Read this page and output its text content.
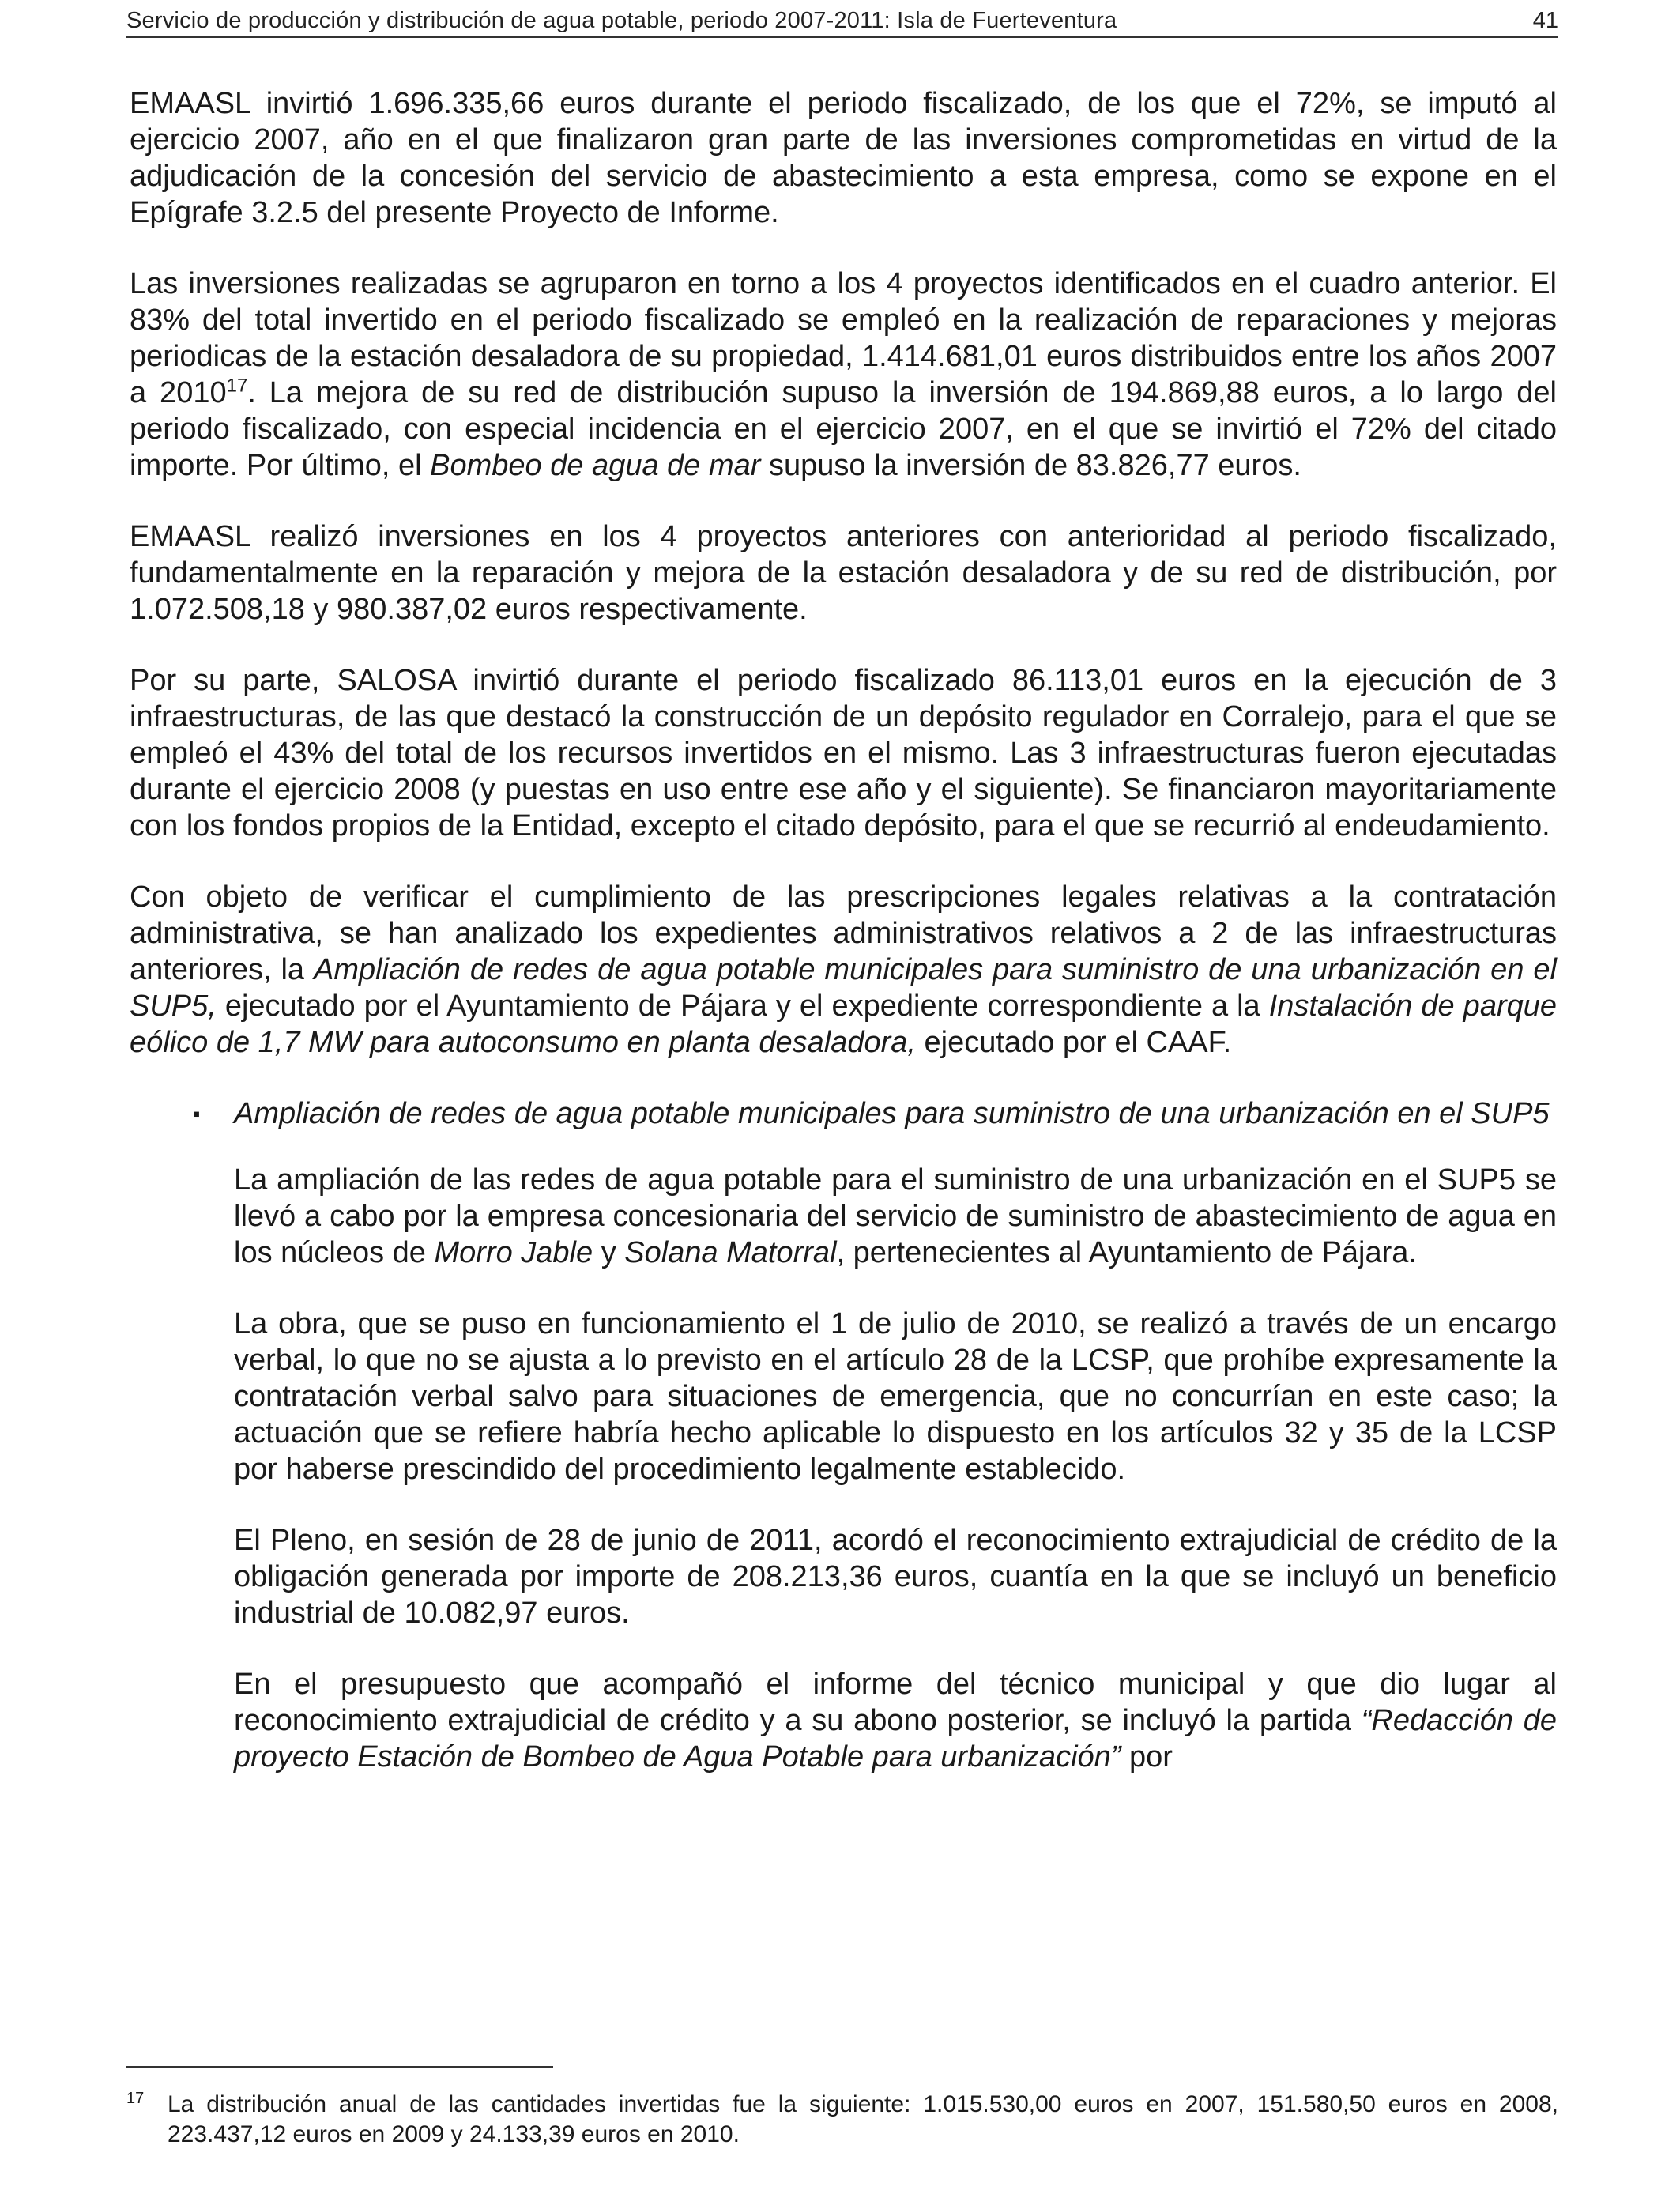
Servicio de producción y distribución de agua potable, periodo 2007-2011: Isla de Fuerteventura	41

EMAASL invirtió 1.696.335,66 euros durante el periodo fiscalizado, de los que el 72%, se imputó al ejercicio 2007, año en el que finalizaron gran parte de las inversiones comprometidas en virtud de la adjudicación de la concesión del servicio de abastecimiento a esta empresa, como se expone en el Epígrafe 3.2.5 del presente Proyecto de Informe.

Las inversiones realizadas se agruparon en torno a los 4 proyectos identificados en el cuadro anterior. El 83% del total invertido en el periodo fiscalizado se empleó en la realización de reparaciones y mejoras periodicas de la estación desaladora de su propiedad, 1.414.681,01 euros distribuidos entre los años 2007 a 2010$^{17}$. La mejora de su red de distribución supuso la inversión de 194.869,88 euros, a lo largo del periodo fiscalizado, con especial incidencia en el ejercicio 2007, en el que se invirtió el 72% del citado importe. Por último, el Bombeo de agua de mar supuso la inversión de 83.826,77 euros.

EMAASL realizó inversiones en los 4 proyectos anteriores con anterioridad al periodo fiscalizado, fundamentalmente en la reparación y mejora de la estación desaladora y de su red de distribución, por 1.072.508,18 y 980.387,02 euros respectivamente.

Por su parte, SALOSA invirtió durante el periodo fiscalizado 86.113,01 euros en la ejecución de 3 infraestructuras, de las que destacó la construcción de un depósito regulador en Corralejo, para el que se empleó el 43% del total de los recursos invertidos en el mismo. Las 3 infraestructuras fueron ejecutadas durante el ejercicio 2008 (y puestas en uso entre ese año y el siguiente). Se financiaron mayoritariamente con los fondos propios de la Entidad, excepto el citado depósito, para el que se recurrió al endeudamiento.

Con objeto de verificar el cumplimiento de las prescripciones legales relativas a la contratación administrativa, se han analizado los expedientes administrativos relativos a 2 de las infraestructuras anteriores, la Ampliación de redes de agua potable municipales para suministro de una urbanización en el SUP5, ejecutado por el Ayuntamiento de Pájara y el expediente correspondiente a la Instalación de parque eólico de 1,7 MW para autoconsumo en planta desaladora, ejecutado por el CAAF.

▪ Ampliación de redes de agua potable municipales para suministro de una urbanización en el SUP5

La ampliación de las redes de agua potable para el suministro de una urbanización en el SUP5 se llevó a cabo por la empresa concesionaria del servicio de suministro de abastecimiento de agua en los núcleos de Morro Jable y Solana Matorral, pertenecientes al Ayuntamiento de Pájara.

La obra, que se puso en funcionamiento el 1 de julio de 2010, se realizó a través de un encargo verbal, lo que no se ajusta a lo previsto en el artículo 28 de la LCSP, que prohíbe expresamente la contratación verbal salvo para situaciones de emergencia, que no concurrían en este caso; la actuación que se refiere habría hecho aplicable lo dispuesto en los artículos 32 y 35 de la LCSP por haberse prescindido del procedimiento legalmente establecido.

El Pleno, en sesión de 28 de junio de 2011, acordó el reconocimiento extrajudicial de crédito de la obligación generada por importe de 208.213,36 euros, cuantía en la que se incluyó un beneficio industrial de 10.082,97 euros.

En el presupuesto que acompañó el informe del técnico municipal y que dio lugar al reconocimiento extrajudicial de crédito y a su abono posterior, se incluyó la partida “Redacción de proyecto Estación de Bombeo de Agua Potable para urbanización” por

17 La distribución anual de las cantidades invertidas fue la siguiente: 1.015.530,00 euros en 2007, 151.580,50 euros en 2008, 223.437,12 euros en 2009 y 24.133,39 euros en 2010.
